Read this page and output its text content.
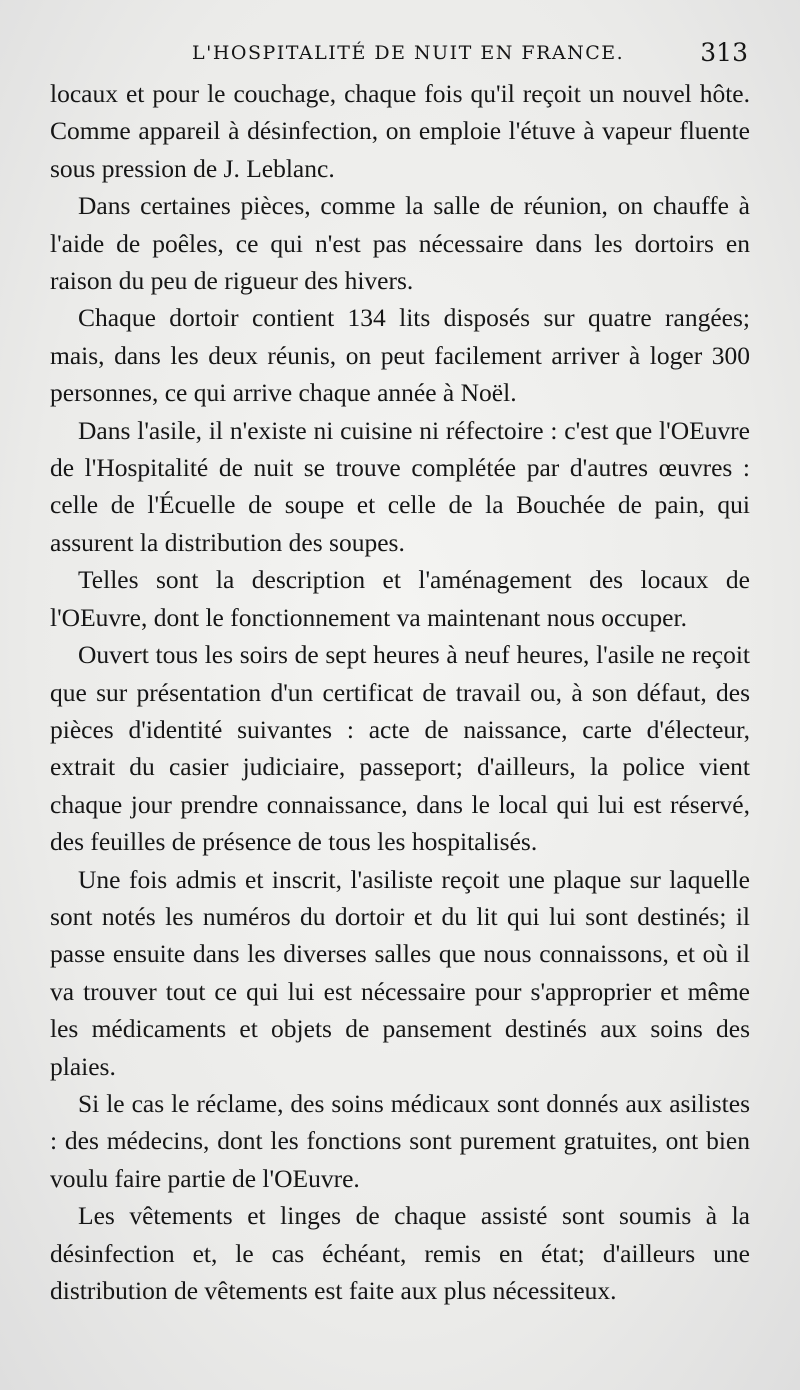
L'HOSPITALITÉ DE NUIT EN FRANCE.	313

locaux et pour le couchage, chaque fois qu'il reçoit un nouvel hôte. Comme appareil à désinfection, on emploie l'étuve à vapeur fluente sous pression de J. Leblanc.

Dans certaines pièces, comme la salle de réunion, on chauffe à l'aide de poêles, ce qui n'est pas nécessaire dans les dortoirs en raison du peu de rigueur des hivers.

Chaque dortoir contient 134 lits disposés sur quatre rangées; mais, dans les deux réunis, on peut facilement arriver à loger 300 personnes, ce qui arrive chaque année à Noël.

Dans l'asile, il n'existe ni cuisine ni réfectoire : c'est que l'OEuvre de l'Hospitalité de nuit se trouve complétée par d'autres œuvres : celle de l'Écuelle de soupe et celle de la Bouchée de pain, qui assurent la distribution des soupes.

Telles sont la description et l'aménagement des locaux de l'OEuvre, dont le fonctionnement va maintenant nous occuper.

Ouvert tous les soirs de sept heures à neuf heures, l'asile ne reçoit que sur présentation d'un certificat de travail ou, à son défaut, des pièces d'identité suivantes : acte de naissance, carte d'électeur, extrait du casier judiciaire, passeport; d'ailleurs, la police vient chaque jour prendre connaissance, dans le local qui lui est réservé, des feuilles de présence de tous les hospitalisés.

Une fois admis et inscrit, l'asiliste reçoit une plaque sur laquelle sont notés les numéros du dortoir et du lit qui lui sont destinés; il passe ensuite dans les diverses salles que nous connaissons, et où il va trouver tout ce qui lui est nécessaire pour s'approprier et même les médicaments et objets de pansement destinés aux soins des plaies.

Si le cas le réclame, des soins médicaux sont donnés aux asilistes : des médecins, dont les fonctions sont purement gratuites, ont bien voulu faire partie de l'OEuvre.

Les vêtements et linges de chaque assisté sont soumis à la désinfection et, le cas échéant, remis en état; d'ailleurs une distribution de vêtements est faite aux plus nécessiteux.
